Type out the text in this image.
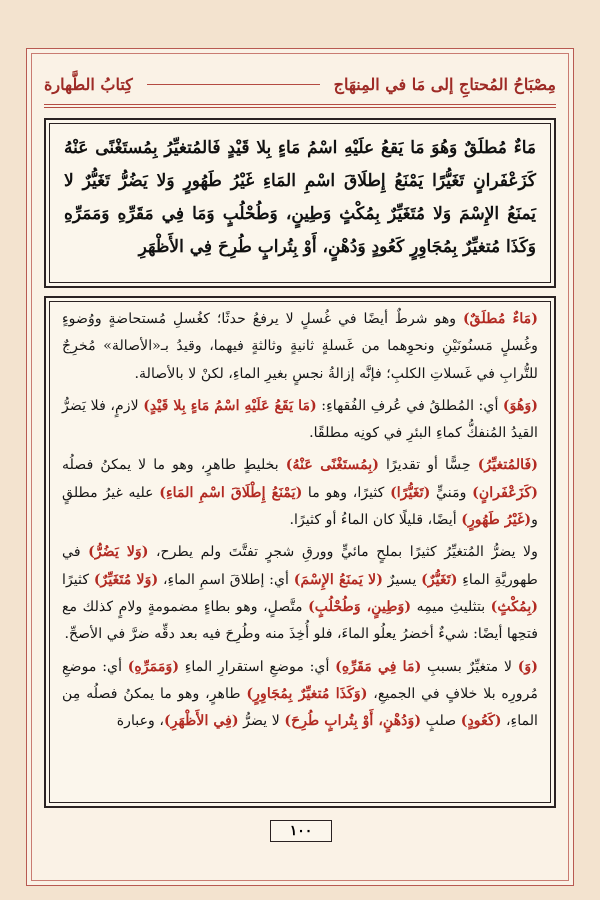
مِصْبَاحُ المُحتاجِ إلى مَا في المِنهَاج
كِتابُ الطَّهارة
مَاءٌ مُطلَقٌ وَهُوَ مَا يَقعُ علَيْهِ اسْمُ مَاءٍ بِلا قَيْدٍ فَالمُتغيِّرُ بِمُستَغْنًى عَنْهُ كَزَعْفَرانٍ تَغَيُّرًا يَمْنَعُ إِطلَاقَ اسْمِ المَاءِ غَيْرُ طَهُورٍ وَلا يَضُرُّ تَغَيُّرٌ لا يَمنَعُ الإِسْمَ وَلا مُتَغَيِّرٌ بِمُكْثٍ وَطِينٍ، وَطُحْلُبٍ وَمَا فِي مَقَرِّهِ وَمَمَرِّهِ وَكَذَا مُتغيِّرٌ بِمُجَاوِرٍ كَعُودٍ وَدُهْنٍ، أَوْ بِتُرابٍ طُرِحَ فِي الأَظْهَرِ

(مَاءٌ مُطلَقٌ) وهو شرطٌ أيضًا في غُسلٍ لا يرفعُ حدثًا؛ كغُسلِ مُستحاضةٍ ووُضوءٍ وغُسلٍ مَسنُونَيْنِ ونحوِهما من غَسلةٍ ثانيةٍ وثالثةٍ فيهما، وقيدُ بـ«الأصالة» مُخرِجٌ للتُّرابِ في غَسلاتِ الكلبِ؛ فإنَّه إزالةُ نجسٍ بغيرِ الماءِ، لكنْ لا بالأصالة.

(وَهُوَ) أي: المُطلقُ في عُرفِ الفُقهاءِ: (مَا يَقَعُ عَلَيْهِ اسْمُ مَاءٍ بِلا قَيْدٍ) لازمٍ، فلا يَضرُّ القيدُ المُنفكُّ كماءِ البئرِ في كونِه مطلقًا.

(فَالمُتغيِّرُ) حِسًّا أو تقديرًا (بِمُستَغْنًى عَنْهُ) بخليطٍ طاهرٍ، وهو ما لا يمكنُ فصلُه (كَزَعْفَرانٍ) ومَنيٍّ (تَغَيُّرًا) كثيرًا، وهو ما (يَمْنَعُ إِطْلَاقَ اسْمِ المَاءِ) عليه غيرُ مطلقٍ و(غَيْرُ طَهُورٍ) أيضًا، قليلًا كان الماءُ أو كثيرًا.

ولا يضرُّ المُتغيِّرُ كثيرًا بملحٍ مائيٍّ وورقِ شجرٍ تفتَّتَ ولم يطرح، (وَلا يَضُرُّ) في طهوريَّةِ الماءِ (تَغَيُّرٌ) يسيرٌ (لا يَمنَعُ الإِسْمَ) أي: إطلاقَ اسمِ الماءِ، (وَلا مُتَغَيِّرٌ) كثيرًا (بِمُكْثٍ) بتثليثِ ميمِه (وَطِينٍ، وَطُحْلُبٍ) متَّصلٍ، وهو بطاءٍ مضمومةٍ ولامٍ كذلك مع فتحِها أيضًا: شيءٌ أخضرُ يعلُو الماءَ، فلو أُخِذَ منه وطُرِحَ فيه بعد دقِّه ضرَّ في الأصحِّ.

(وَ) لا متغيِّرٌ بسببِ (مَا فِي مَقَرِّهِ) أي: موضعِ استقرارِ الماءِ (وَمَمَرِّهِ) أي: موضعِ مُرورِه بلا خلافٍ في الجميعِ، (وَكَذَا مُتغيِّرٌ بِمُجَاوِرٍ) طاهرٍ، وهو ما يمكنُ فصلُه مِن الماءِ، (كَعُودٍ) صلبٍ (وَدُهْنٍ، أَوْ بِتُرابٍ طُرِحَ) لا يضرُّ (فِي الأَظْهَرِ)، وعبارة

١٠٠
